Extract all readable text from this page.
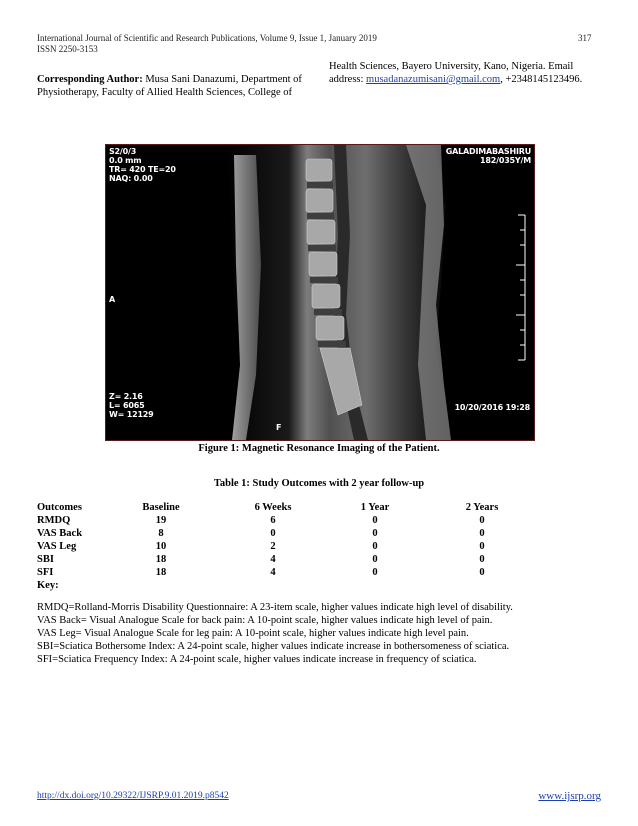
International Journal of Scientific and Research Publications, Volume 9, Issue 1, January 2019
ISSN 2250-3153
317
Corresponding Author: Musa Sani Danazumi, Department of
Physiotherapy, Faculty of Allied Health Sciences, College of
Health Sciences, Bayero University, Kano, Nigeria. Email
address: musadanazumisani@gmail.com, +2348145123496.
S2/0/3
0.0 mm
TR= 420 TE=20
NAQ: 0.00
GALADIMABASHIRU
182/035Y/M
A
Z= 2.16
L= 6065
W= 12129
F
10/20/2016 19:28
Figure 1: Magnetic Resonance Imaging of the Patient.
Table 1: Study Outcomes with 2 year follow-up
Outcomes	Baseline	6 Weeks	1 Year	2 Years
RMDQ	19	6	0	0
VAS Back	8	0	0	0
VAS Leg	10	2	0	0
SBI	18	4	0	0
SFI	18	4	0	0
Key:
RMDQ=Rolland-Morris Disability Questionnaire: A 23-item scale, higher values indicate high level of disability.
VAS Back= Visual Analogue Scale for back pain: A 10-point scale, higher values indicate high level of pain.
VAS Leg= Visual Analogue Scale for leg pain: A 10-point scale, higher values indicate high level pain.
SBI=Sciatica Bothersome Index: A 24-point scale, higher values indicate increase in bothersomeness of sciatica.
SFI=Sciatica Frequency Index: A 24-point scale, higher values indicate increase in frequency of sciatica.
http://dx.doi.org/10.29322/IJSRP.9.01.2019.p8542	www.ijsrp.org
